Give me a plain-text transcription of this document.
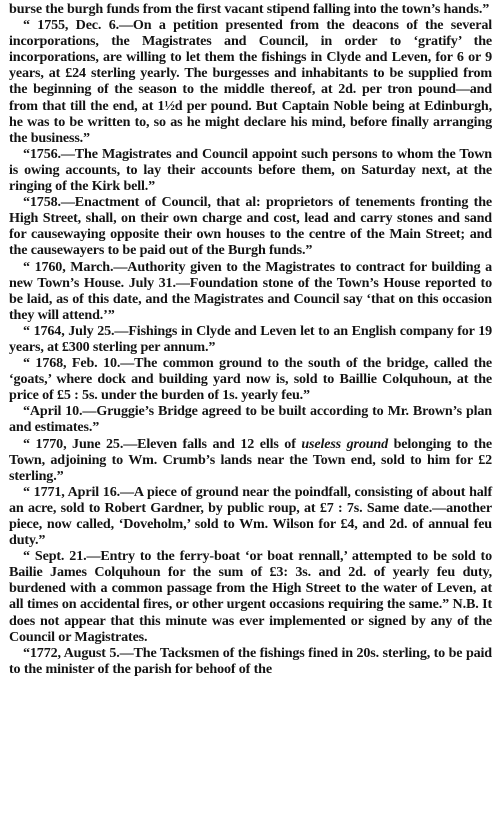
burse the burgh funds from the first vacant stipend falling into the town’s hands.”

“ 1755, Dec. 6.—On a petition presented from the deacons of the several incorporations, the Magistrates and Council, in order to ‘gratify’ the incorporations, are willing to let them the fishings in Clyde and Leven, for 6 or 9 years, at £24 sterling yearly. The burgesses and inhabitants to be supplied from the beginning of the season to the middle thereof, at 2d. per tron pound—and from that till the end, at 1½d per pound. But Captain Noble being at Edinburgh, he was to be written to, so as he might declare his mind, before finally arranging the business.”

“1756.—The Magistrates and Council appoint such persons to whom the Town is owing accounts, to lay their accounts before them, on Saturday next, at the ringing of the Kirk bell.”

“1758.—Enactment of Council, that al: proprietors of tenements fronting the High Street, shall, on their own charge and cost, lead and carry stones and sand for causewaying opposite their own houses to the centre of the Main Street; and the causewayers to be paid out of the Burgh funds.”

“ 1760, March.—Authority given to the Magistrates to contract for building a new Town’s House. July 31.—Foundation stone of the Town’s House reported to be laid, as of this date, and the Magistrates and Council say ‘that on this occasion they will attend.’”

“ 1764, July 25.—Fishings in Clyde and Leven let to an English company for 19 years, at £300 sterling per annum.”

“ 1768, Feb. 10.—The common ground to the south of the bridge, called the ‘goats,’ where dock and building yard now is, sold to Baillie Colquhoun, at the price of £5 : 5s. under the burden of 1s. yearly feu.”

“April 10.—Gruggie’s Bridge agreed to be built according to Mr. Brown’s plan and estimates.”

“ 1770, June 25.—Eleven falls and 12 ells of useless ground belonging to the Town, adjoining to Wm. Crumb’s lands near the Town end, sold to him for £2 sterling.”

“ 1771, April 16.—A piece of ground near the poindfall, consisting of about half an acre, sold to Robert Gardner, by public roup, at £7 : 7s. Same date.—another piece, now called, ‘Doveholm,’ sold to Wm. Wilson for £4, and 2d. of annual feu duty.”

“ Sept. 21.—Entry to the ferry-boat ‘or boat rennall,’ attempted to be sold to Bailie James Colquhoun for the sum of £3: 3s. and 2d. of yearly feu duty, burdened with a common passage from the High Street to the water of Leven, at all times on accidental fires, or other urgent occasions requiring the same.” N.B. It does not appear that this minute was ever implemented or signed by any of the Council or Magistrates.

“1772, August 5.—The Tacksmen of the fishings fined in 20s. sterling, to be paid to the minister of the parish for behoof of the
